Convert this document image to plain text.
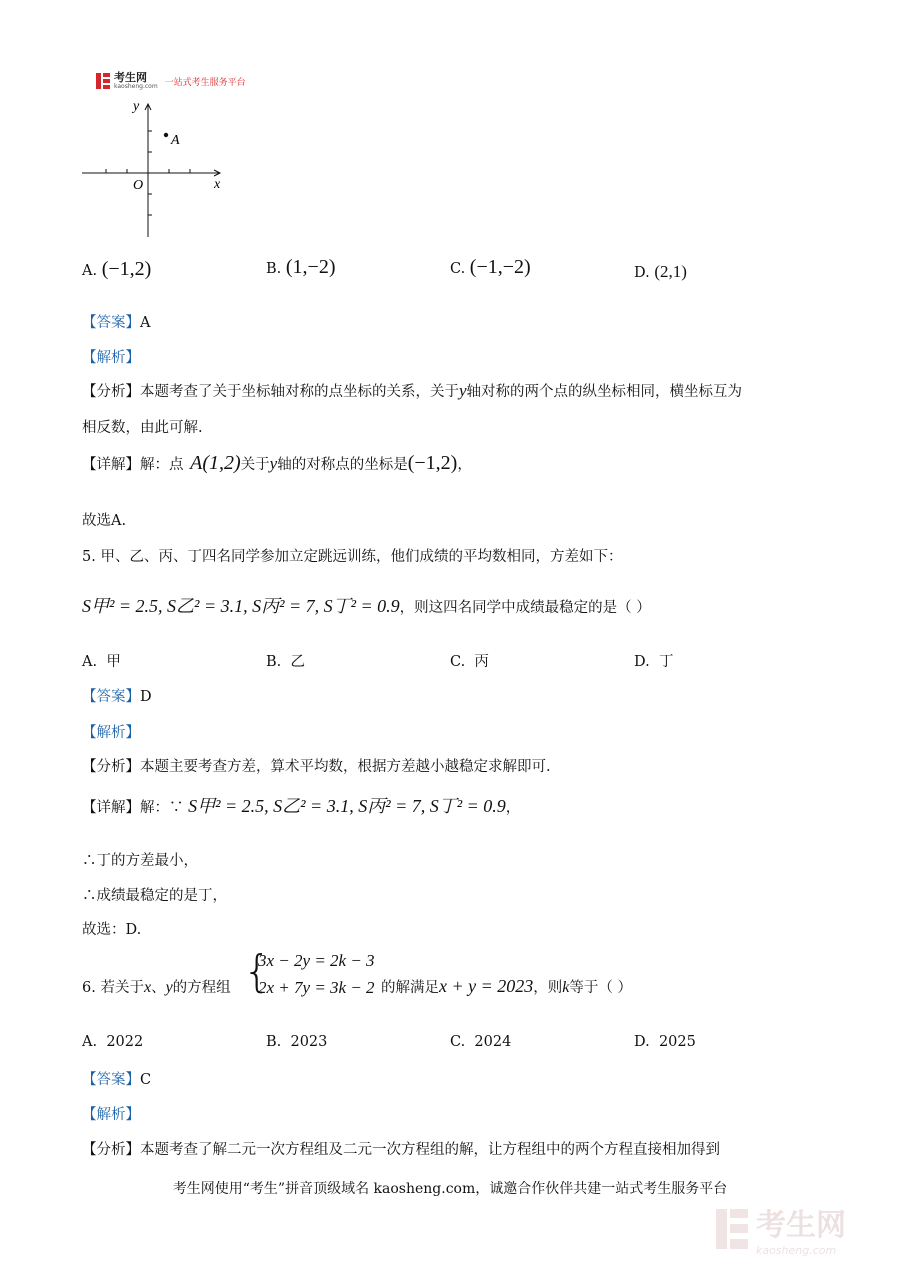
考生网
kaosheng.com 一站式考生服务平台
y
x
O
A
A. (−1,2)	B. (1,−2)	C. (−1,−2)	D. (2,1)
【答案】A
【解析】
【分析】本题考查了关于坐标轴对称的点坐标的关系，关于y轴对称的两个点的纵坐标相同，横坐标互为
相反数，由此可解.
【详解】解：点 A(1,2)关于y轴的对称点的坐标是(−1,2)，
故选A.
5. 甲、乙、丙、丁四名同学参加立定跳远训练，他们成绩的平均数相同，方差如下：
S甲² = 2.5, S乙² = 3.1, S丙² = 7, S丁² = 0.9，则这四名同学中成绩最稳定的是（ ）
A. 甲	B. 乙	C. 丙	D. 丁
【答案】D
【解析】
【分析】本题主要考查方差，算术平均数，根据方差越小越稳定求解即可.
【详解】解：∵ S甲² = 2.5, S乙² = 3.1, S丙² = 7, S丁² = 0.9，
∴丁的方差最小，
∴成绩最稳定的是丁，
故选：D.
6. 若关于x、y的方程组 {
3x − 2y = 2k − 3
2x + 7y = 3k − 2 的解满足x + y = 2023，则k等于（ ）
A. 2022	B. 2023	C. 2024	D. 2025
【答案】C
【解析】
【分析】本题考查了解二元一次方程组及二元一次方程组的解，让方程组中的两个方程直接相加得到
考生网使用“考生”拼音顶级域名 kaosheng.com，诚邀合作伙伴共建一站式考生服务平台
考生网
kaosheng.com
